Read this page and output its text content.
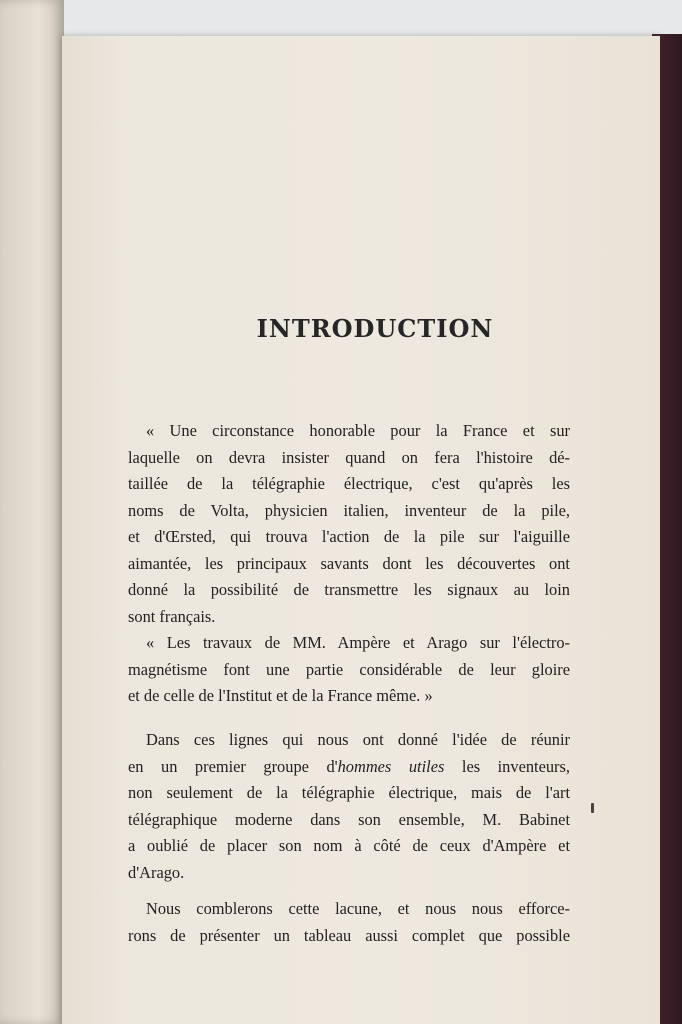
INTRODUCTION

« Une circonstance honorable pour la France et sur

laquelle on devra insister quand on fera l'histoire dé-

taillée de la télégraphie électrique, c'est qu'après les

noms de Volta, physicien italien, inventeur de la pile,

et d'Œrsted, qui trouva l'action de la pile sur l'aiguille

aimantée, les principaux savants dont les découvertes ont

donné la possibilité de transmettre les signaux au loin

sont français.

« Les travaux de MM. Ampère et Arago sur l'électro-

magnétisme font une partie considérable de leur gloire

et de celle de l'Institut et de la France même. »

Dans ces lignes qui nous ont donné l'idée de réunir

en un premier groupe d'hommes utiles les inventeurs,

non seulement de la télégraphie électrique, mais de l'art

télégraphique moderne dans son ensemble, M. Babinet

a oublié de placer son nom à côté de ceux d'Ampère et

d'Arago.

Nous comblerons cette lacune, et nous nous efforce-

rons de présenter un tableau aussi complet que possible
